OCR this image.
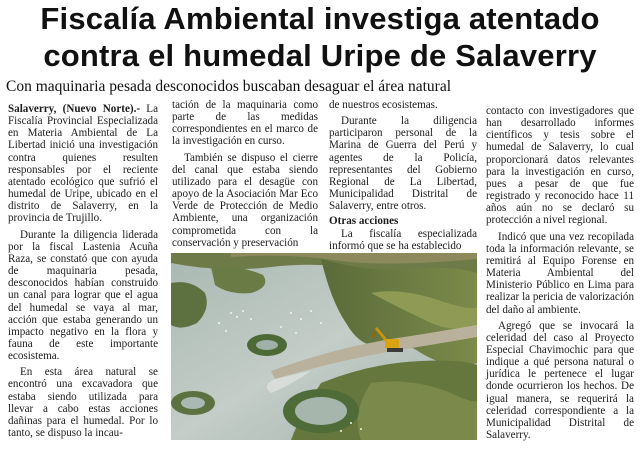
Fiscalía Ambiental investiga atentado
contra el humedal Uripe de Salaverry
Con maquinaria pesada desconocidos buscaban desaguar el área natural

Salaverry, (Nuevo Norte).- La Fiscalía Provincial Especializada en Materia Ambiental de La Libertad inició una investigación contra quienes resulten responsables por el reciente atentado ecológico que sufrió el humedal de Uripe, ubicado en el distrito de Salaverry, en la provincia de Trujillo.

Durante la diligencia liderada por la fiscal Lastenia Acuña Raza, se constató que con ayuda de maquinaria pesada, desconocidos habían construido un canal para lograr que el agua del humedal se vaya al mar, acción que estaba generando un impacto negativo en la flora y fauna de este importante ecosistema.

En esta área natural se encontró una excavadora que estaba siendo utilizada para llevar a cabo estas acciones dañinas para el humedal. Por lo tanto, se dispuso la incau-

tación de la maquinaria como parte de las medidas correspondientes en el marco de la investigación en curso.

También se dispuso el cierre del canal que estaba siendo utilizado para el desagüe con apoyo de la Asociación Mar Eco Verde de Protección de Medio Ambiente, una organización comprometida con la conservación y preservación

de nuestros ecosistemas.

Durante la diligencia participaron personal de la Marina de Guerra del Perú y agentes de la Policía, representantes del Gobierno Regional de La Libertad, Municipalidad Distrital de Salaverry, entre otros.

Otras acciones

La fiscalía especializada informó que se ha establecido

contacto con investigadores que han desarrollado informes científicos y tesis sobre el humedal de Salaverry, lo cual proporcionará datos relevantes para la investigación en curso, pues a pesar de que fue registrado y reconocido hace 11 años aún no se declaró su protección a nivel regional.

Indicó que una vez recopilada toda la información relevante, se remitirá al Equipo Forense en Materia Ambiental del Ministerio Público en Lima para realizar la pericia de valorización del daño al ambiente.

Agregó que se invocará la celeridad del caso al Proyecto Especial Chavimochic para que indique a qué persona natural o jurídica le pertenece el lugar donde ocurrieron los hechos. De igual manera, se requerirá la celeridad correspondiente a la Municipalidad Distrital de Salaverry.
